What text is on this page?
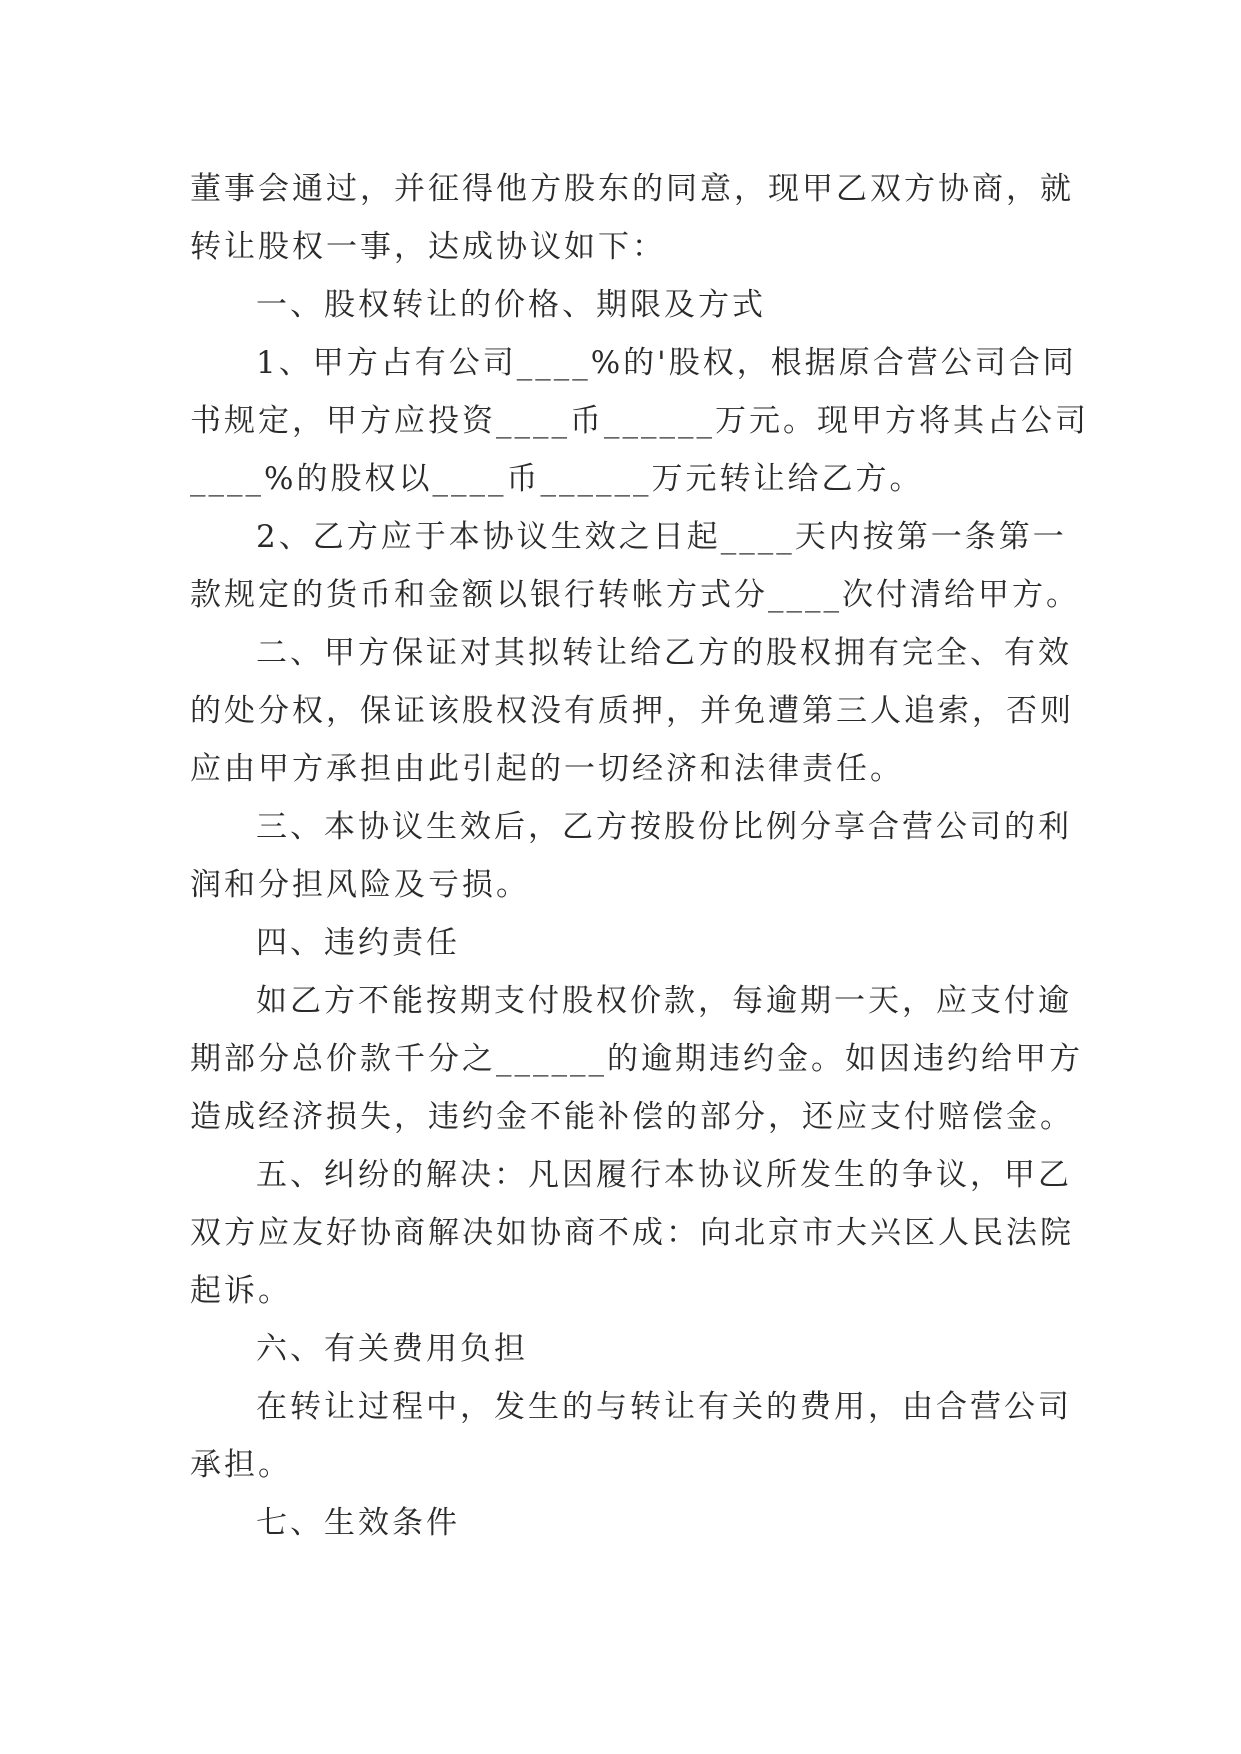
董事会通过，并征得他方股东的同意，现甲乙双方协商，就
转让股权一事，达成协议如下：
一、股权转让的价格、期限及方式
1、甲方占有公司____%的'股权，根据原合营公司合同
书规定，甲方应投资____币______万元。现甲方将其占公司
____%的股权以____币______万元转让给乙方。
2、乙方应于本协议生效之日起____天内按第一条第一
款规定的货币和金额以银行转帐方式分____次付清给甲方。
二、甲方保证对其拟转让给乙方的股权拥有完全、有效
的处分权，保证该股权没有质押，并免遭第三人追索，否则
应由甲方承担由此引起的一切经济和法律责任。
三、本协议生效后，乙方按股份比例分享合营公司的利
润和分担风险及亏损。
四、违约责任
如乙方不能按期支付股权价款，每逾期一天，应支付逾
期部分总价款千分之______的逾期违约金。如因违约给甲方
造成经济损失，违约金不能补偿的部分，还应支付赔偿金。
五、纠纷的解决：凡因履行本协议所发生的争议，甲乙
双方应友好协商解决如协商不成：向北京市大兴区人民法院
起诉。
六、有关费用负担
在转让过程中，发生的与转让有关的费用，由合营公司
承担。
七、生效条件
